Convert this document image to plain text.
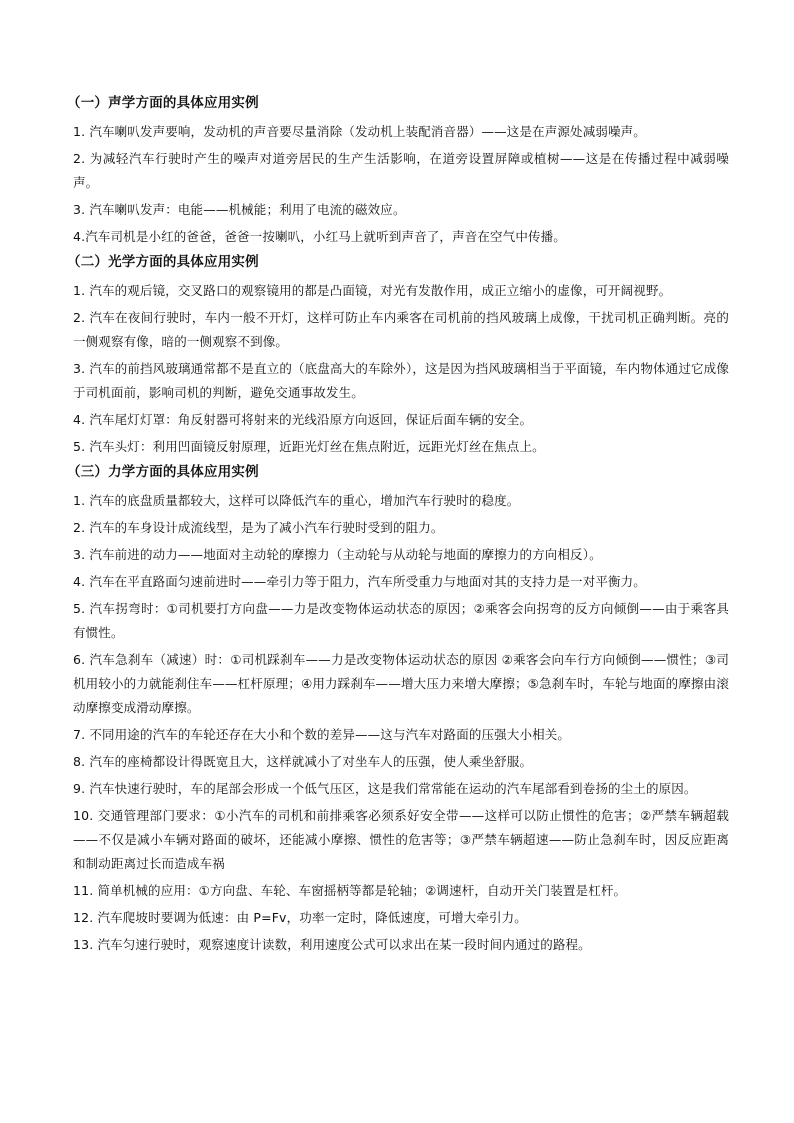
（一）声学方面的具体应用实例
1. 汽车喇叭发声要响，发动机的声音要尽量消除（发动机上装配消音器）——这是在声源处减弱噪声。
2. 为减轻汽车行驶时产生的噪声对道旁居民的生产生活影响，在道旁设置屏障或植树——这是在传播过程中减弱噪声。
3. 汽车喇叭发声：电能——机械能；利用了电流的磁效应。
4.汽车司机是小红的爸爸，爸爸一按喇叭，小红马上就听到声音了，声音在空气中传播。
（二）光学方面的具体应用实例
1. 汽车的观后镜，交叉路口的观察镜用的都是凸面镜，对光有发散作用，成正立缩小的虚像，可开阔视野。
2. 汽车在夜间行驶时，车内一般不开灯，这样可防止车内乘客在司机前的挡风玻璃上成像，干扰司机正确判断。亮的一侧观察有像，暗的一侧观察不到像。
3. 汽车的前挡风玻璃通常都不是直立的（底盘高大的车除外），这是因为挡风玻璃相当于平面镜，车内物体通过它成像于司机面前，影响司机的判断，避免交通事故发生。
4. 汽车尾灯灯罩：角反射器可将射来的光线沿原方向返回，保证后面车辆的安全。
5. 汽车头灯：利用凹面镜反射原理，近距光灯丝在焦点附近，远距光灯丝在焦点上。
（三）力学方面的具体应用实例
1. 汽车的底盘质量都较大，这样可以降低汽车的重心，增加汽车行驶时的稳度。
2. 汽车的车身设计成流线型，是为了减小汽车行驶时受到的阻力。
3. 汽车前进的动力——地面对主动轮的摩擦力（主动轮与从动轮与地面的摩擦力的方向相反）。
4. 汽车在平直路面匀速前进时——牵引力等于阻力，汽车所受重力与地面对其的支持力是一对平衡力。
5. 汽车拐弯时：①司机要打方向盘——力是改变物体运动状态的原因；②乘客会向拐弯的反方向倾倒——由于乘客具有惯性。
6. 汽车急刹车（减速）时：①司机踩刹车——力是改变物体运动状态的原因 ②乘客会向车行方向倾倒——惯性；③司机用较小的力就能刹住车——杠杆原理；④用力踩刹车——增大压力来增大摩擦；⑤急刹车时，车轮与地面的摩擦由滚动摩擦变成滑动摩擦。
7. 不同用途的汽车的车轮还存在大小和个数的差异——这与汽车对路面的压强大小相关。
8. 汽车的座椅都设计得既宽且大，这样就减小了对坐车人的压强，使人乘坐舒服。
9. 汽车快速行驶时，车的尾部会形成一个低气压区，这是我们常常能在运动的汽车尾部看到卷扬的尘土的原因。
10. 交通管理部门要求：①小汽车的司机和前排乘客必须系好安全带——这样可以防止惯性的危害；②严禁车辆超载——不仅是减小车辆对路面的破坏，还能减小摩擦、惯性的危害等；③严禁车辆超速——防止急刹车时，因反应距离和制动距离过长而造成车祸
11. 简单机械的应用：①方向盘、车轮、车窗摇柄等都是轮轴；②调速杆，自动开关门装置是杠杆。
12. 汽车爬坡时要调为低速：由 P=Fv，功率一定时，降低速度，可增大牵引力。
13. 汽车匀速行驶时，观察速度计读数，利用速度公式可以求出在某一段时间内通过的路程。
